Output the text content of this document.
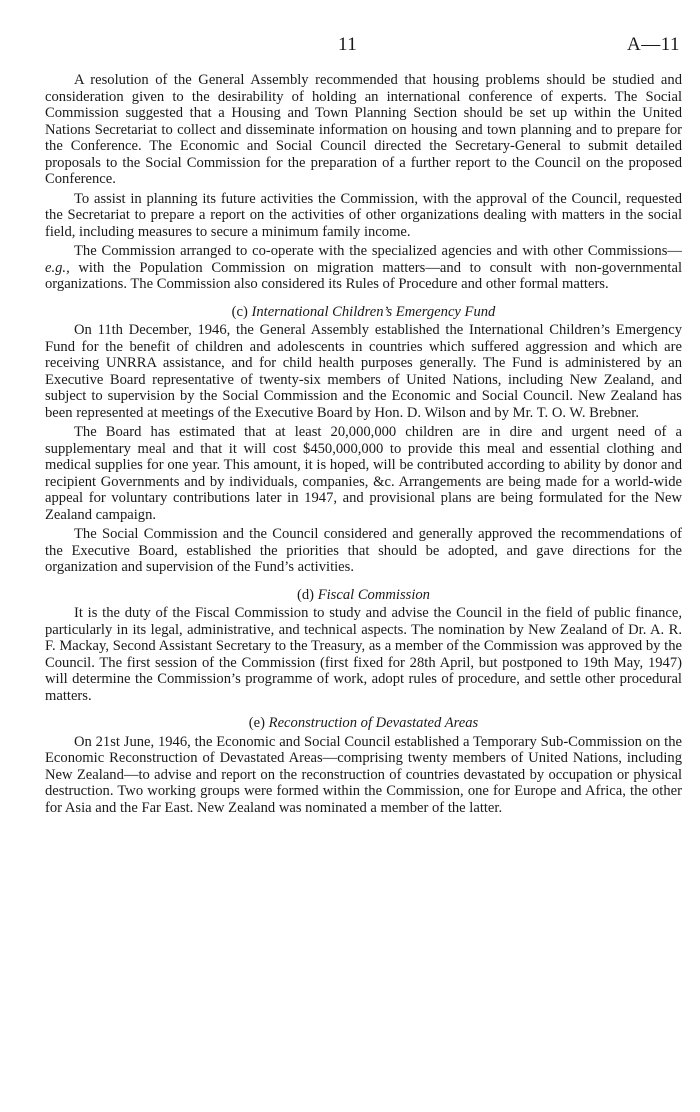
11	A—11

A resolution of the General Assembly recommended that housing problems should be studied and consideration given to the desirability of holding an international conference of experts. The Social Commission suggested that a Housing and Town Planning Section should be set up within the United Nations Secretariat to collect and disseminate information on housing and town planning and to prepare for the Conference. The Economic and Social Council directed the Secretary-General to submit detailed proposals to the Social Commission for the preparation of a further report to the Council on the proposed Conference.

To assist in planning its future activities the Commission, with the approval of the Council, requested the Secretariat to prepare a report on the activities of other organizations dealing with matters in the social field, including measures to secure a minimum family income.

The Commission arranged to co-operate with the specialized agencies and with other Commissions—e.g., with the Population Commission on migration matters—and to consult with non-governmental organizations. The Commission also considered its Rules of Procedure and other formal matters.

(c) International Children’s Emergency Fund

On 11th December, 1946, the General Assembly established the International Children’s Emergency Fund for the benefit of children and adolescents in countries which suffered aggression and which are receiving UNRRA assistance, and for child health purposes generally. The Fund is administered by an Executive Board representative of twenty-six members of United Nations, including New Zealand, and subject to supervision by the Social Commission and the Economic and Social Council. New Zealand has been represented at meetings of the Executive Board by Hon. D. Wilson and by Mr. T. O. W. Brebner.

The Board has estimated that at least 20,000,000 children are in dire and urgent need of a supplementary meal and that it will cost $450,000,000 to provide this meal and essential clothing and medical supplies for one year. This amount, it is hoped, will be contributed according to ability by donor and recipient Governments and by individuals, companies, &c. Arrangements are being made for a world-wide appeal for voluntary contributions later in 1947, and provisional plans are being formulated for the New Zealand campaign.

The Social Commission and the Council considered and generally approved the recommendations of the Executive Board, established the priorities that should be adopted, and gave directions for the organization and supervision of the Fund’s activities.

(d) Fiscal Commission

It is the duty of the Fiscal Commission to study and advise the Council in the field of public finance, particularly in its legal, administrative, and technical aspects. The nomination by New Zealand of Dr. A. R. F. Mackay, Second Assistant Secretary to the Treasury, as a member of the Commission was approved by the Council. The first session of the Commission (first fixed for 28th April, but postponed to 19th May, 1947) will determine the Commission’s programme of work, adopt rules of procedure, and settle other procedural matters.

(e) Reconstruction of Devastated Areas

On 21st June, 1946, the Economic and Social Council established a Temporary Sub-Commission on the Economic Reconstruction of Devastated Areas—comprising twenty members of United Nations, including New Zealand—to advise and report on the reconstruction of countries devastated by occupation or physical destruction. Two working groups were formed within the Commission, one for Europe and Africa, the other for Asia and the Far East. New Zealand was nominated a member of the latter.
